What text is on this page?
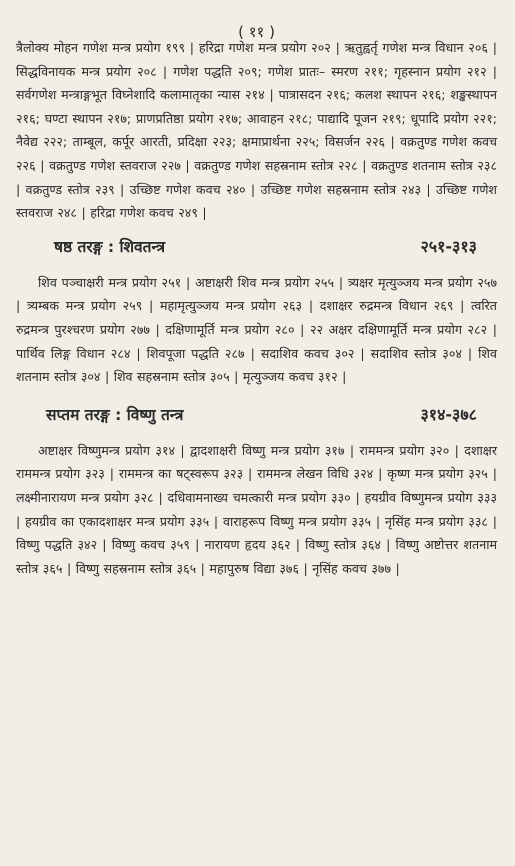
( ११ )

त्रैलोक्य मोहन गणेश मन्त्र प्रयोग १९९ | हरिद्रा गणेश मन्त्र प्रयोग २०२ | ऋतुह्वर्तृ गणेश मन्त्र विधान २०६ | सिद्धविनायक मन्त्र प्रयोग २०८ | गणेश पद्धति २०९; गणेश प्रातः– स्मरण २११; गृहस्नान प्रयोग २१२ | सर्वगणेश मन्त्राङ्गभूत विघ्नेशादि कलामातृका न्यास २१४ | पात्रासदन २१६; कलश स्थापन २१६; शङ्खस्थापन २१६; घण्टा स्थापन २१७; प्राणप्रतिष्ठा प्रयोग २१७; आवाहन २१८; पाद्यादि पूजन २१९; धूपादि प्रयोग २२१; नैवेद्य २२२; ताम्बूल, कर्पूर आरती, प्रदिक्षा २२३; क्षमाप्रार्थना २२५; विसर्जन २२६ | वक्रतुण्ड गणेश कवच २२६ | वक्रतुण्ड गणेश स्तवराज २२७ | वक्रतुण्ड गणेश सहस्रनाम स्तोत्र २२८ | वक्रतुण्ड शतनाम स्तोत्र २३८ | वक्रतुण्ड स्तोत्र २३९ | उच्छिष्ट गणेश कवच २४० | उच्छिष्ट गणेश सहस्रनाम स्तोत्र २४३ | उच्छिष्ट गणेश स्तवराज २४८ | हरिद्रा गणेश कवच २४९ |

षष्ठ तरङ्ग : शिवतन्त्र	२५१-३१३

शिव पञ्चाक्षरी मन्त्र प्रयोग २५१ | अष्टाक्षरी शिव मन्त्र प्रयोग २५५ | त्र्यक्षर मृत्युञ्जय मन्त्र प्रयोग २५७ | त्र्यम्बक मन्त्र प्रयोग २५९ | महामृत्युञ्जय मन्त्र प्रयोग २६३ | दशाक्षर रुद्रमन्त्र विधान २६९ | त्वरित रुद्रमन्त्र पुरश्चरण प्रयोग २७७ | दक्षिणामूर्ति मन्त्र प्रयोग २८० | २२ अक्षर दक्षिणामूर्ति मन्त्र प्रयोग २८२ | पार्थिव लिङ्ग विधान २८४ | शिवपूजा पद्धति २८७ | सदाशिव कवच ३०२ | सदाशिव स्तोत्र ३०४ | शिव शतनाम स्तोत्र ३०४ | शिव सहस्रनाम स्तोत्र ३०५ | मृत्युञ्जय कवच ३१२ |

सप्तम तरङ्ग : विष्णु तन्त्र	३१४-३७८

अष्टाक्षर विष्णुमन्त्र प्रयोग ३१४ | द्वादशाक्षरी विष्णु मन्त्र प्रयोग ३१७ | राममन्त्र प्रयोग ३२० | दशाक्षर राममन्त्र प्रयोग ३२३ | राममन्त्र का षट्स्वरूप ३२३ | राममन्त्र लेखन विधि ३२४ | कृष्ण मन्त्र प्रयोग ३२५ | लक्ष्मीनारायण मन्त्र प्रयोग ३२८ | दधिवामनाख्य चमत्कारी मन्त्र प्रयोग ३३० | हयग्रीव विष्णुमन्त्र प्रयोग ३३३ | हयग्रीव का एकादशाक्षर मन्त्र प्रयोग ३३५ | वाराहरूप विष्णु मन्त्र प्रयोग ३३५ | नृसिंह मन्त्र प्रयोग ३३८ | विष्णु पद्धति ३४२ | विष्णु कवच ३५९ | नारायण हृदय ३६२ | विष्णु स्तोत्र ३६४ | विष्णु अष्टोत्तर शतनाम स्तोत्र ३६५ | विष्णु सहस्रनाम स्तोत्र ३६५ | महापुरुष विद्या ३७६ | नृसिंह कवच ३७७ |
